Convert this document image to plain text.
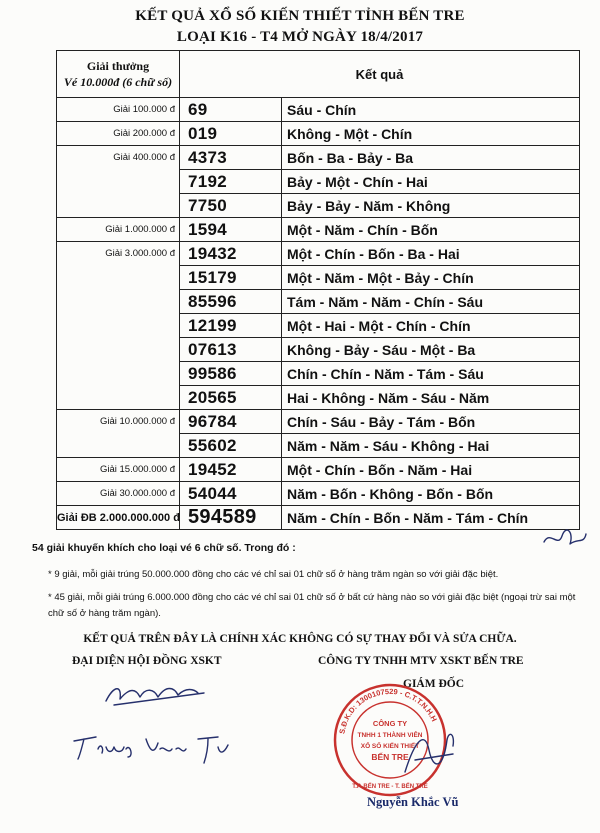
KẾT QUẢ XỔ SỐ KIẾN THIẾT TỈNH BẾN TRE
LOẠI K16 - T4 MỞ NGÀY 18/4/2017
Giải thưởng
Vé 10.000đ (6 chữ số)	Kết quả	
Giải 100.000 đ	69	Sáu - Chín
Giải 200.000 đ	019	Không - Một - Chín
Giải 400.000 đ	4373	Bốn - Ba - Bảy - Ba
	7192	Bảy - Một - Chín - Hai
	7750	Bảy - Bảy - Năm - Không
Giải 1.000.000 đ	1594	Một - Năm - Chín - Bốn
Giải 3.000.000 đ	19432	Một - Chín - Bốn - Ba - Hai
	15179	Một - Năm - Một - Bảy - Chín
	85596	Tám - Năm - Năm - Chín - Sáu
	12199	Một - Hai - Một - Chín - Chín
	07613	Không - Bảy - Sáu - Một - Ba
	99586	Chín - Chín - Năm - Tám - Sáu
	20565	Hai - Không - Năm - Sáu - Năm
Giải 10.000.000 đ	96784	Chín - Sáu - Bảy - Tám - Bốn
	55602	Năm - Năm - Sáu - Không - Hai
Giải 15.000.000 đ	19452	Một - Chín - Bốn - Năm - Hai
Giải 30.000.000 đ	54044	Năm - Bốn - Không - Bốn - Bốn
Giải ĐB 2.000.000.000 đ	594589	Năm - Chín - Bốn - Năm - Tám - Chín
54 giải khuyến khích cho loại vé 6 chữ số. Trong đó :
* 9 giải, mỗi giải trúng 50.000.000 đồng cho các vé chỉ sai 01 chữ số ở hàng trăm ngàn so với giải đặc biệt.
* 45 giải, mỗi giải trúng 6.000.000 đồng cho các vé chỉ sai 01 chữ số ở bất cứ hàng nào so với giải đặc biệt (ngoại trừ sai một chữ số ở hàng trăm ngàn).
KẾT QUẢ TRÊN ĐÂY LÀ CHÍNH XÁC KHÔNG CÓ SỰ THAY ĐỔI VÀ SỬA CHỮA.
ĐẠI DIỆN HỘI ĐỒNG XSKT	CÔNG TY TNHH MTV XSKT BẾN TRE
GIÁM ĐỐC
S.Đ.K.D: 1300107529 - C.T.T.N.H.H
CÔNG TY
TNHH 1 THÀNH VIÊN
XỔ SỐ KIẾN THIẾT
BẾN TRE
T.P. BẾN TRE - T. BẾN TRE
Nguyễn Khắc Vũ
